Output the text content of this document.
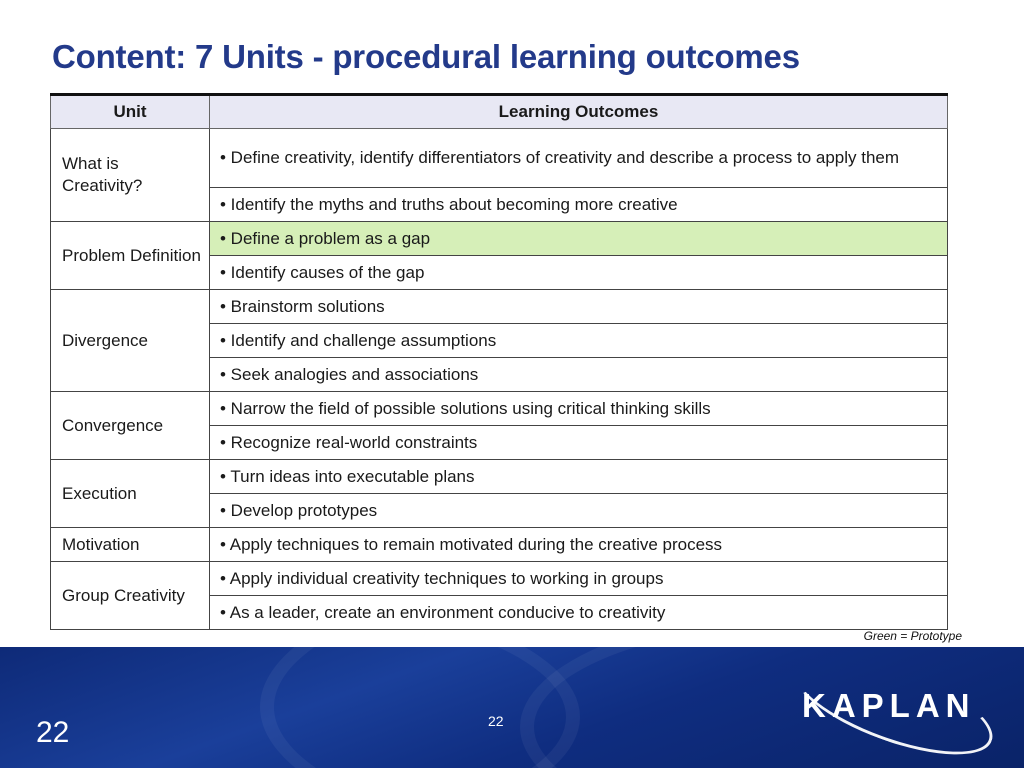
Content: 7 Units - procedural learning outcomes
Unit	Learning Outcomes
What is Creativity?	• Define creativity, identify differentiators of creativity and describe a process to apply them

	• Identify the myths and truths about becoming more creative

Problem Definition	• Define a problem as a gap

	• Identify causes of the gap

Divergence	• Brainstorm solutions

	• Identify and challenge assumptions

	• Seek analogies and associations

Convergence	• Narrow the field of possible solutions using critical thinking skills

	• Recognize real-world constraints

Execution	• Turn ideas into executable plans

	• Develop prototypes

Motivation	• Apply techniques to remain motivated during the creative process

Group Creativity	• Apply individual creativity techniques to working in groups

	• As a leader, create an environment conducive to creativity
Green = Prototype
22
22
KAPLAN
